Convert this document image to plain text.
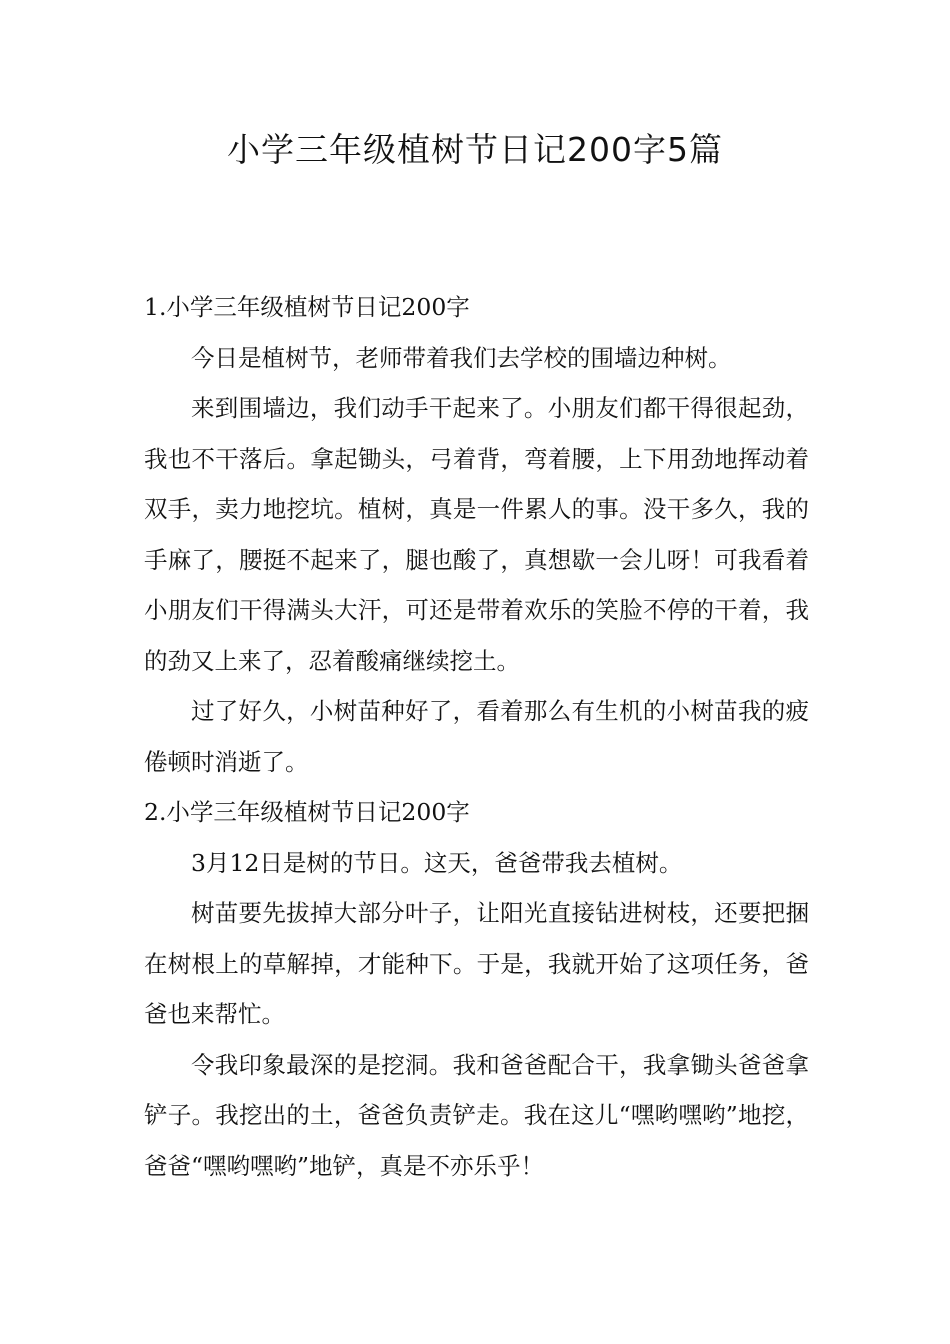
小学三年级植树节日记200字5篇

1.小学三年级植树节日记200字

今日是植树节，老师带着我们去学校的围墙边种树。

来到围墙边，我们动手干起来了。小朋友们都干得很起劲，我也不干落后。拿起锄头，弓着背，弯着腰，上下用劲地挥动着双手，卖力地挖坑。植树，真是一件累人的事。没干多久，我的手麻了，腰挺不起来了，腿也酸了，真想歇一会儿呀！可我看着小朋友们干得满头大汗，可还是带着欢乐的笑脸不停的干着，我的劲又上来了，忍着酸痛继续挖土。

过了好久，小树苗种好了，看着那么有生机的小树苗我的疲倦顿时消逝了。

2.小学三年级植树节日记200字

3月12日是树的节日。这天，爸爸带我去植树。

树苗要先拔掉大部分叶子，让阳光直接钻进树枝，还要把捆在树根上的草解掉，才能种下。于是，我就开始了这项任务，爸爸也来帮忙。

令我印象最深的是挖洞。我和爸爸配合干，我拿锄头爸爸拿铲子。我挖出的土，爸爸负责铲走。我在这儿“嘿哟嘿哟”地挖，爸爸“嘿哟嘿哟”地铲，真是不亦乐乎！
